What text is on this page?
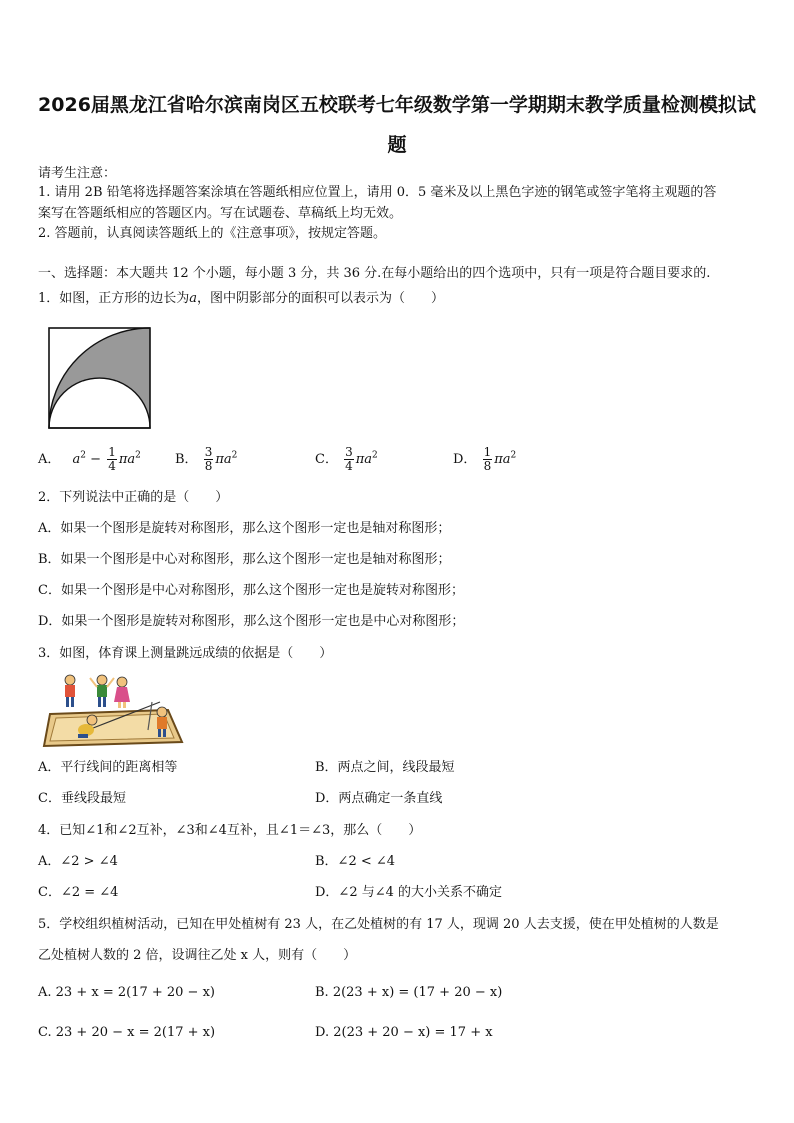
2026届黑龙江省哈尔滨南岗区五校联考七年级数学第一学期期末教学质量检测模拟试
题
请考生注意：
1. 请用 2B 铅笔将选择题答案涂填在答题纸相应位置上，请用 0．5 毫米及以上黑色字迹的钢笔或签字笔将主观题的答
案写在答题纸相应的答题区内。写在试题卷、草稿纸上均无效。
2. 答题前，认真阅读答题纸上的《注意事项》，按规定答题。
一、选择题：本大题共 12 个小题，每小题 3 分，共 36 分.在每小题给出的四个选项中，只有一项是符合题目要求的.
1．如图，正方形的边长为a，图中阴影部分的面积可以表示为（　　）
A． $a^2 - \frac{1}{4} \pi a^2$	B． $\frac{3}{8} \pi a^2$	C． $\frac{3}{4} \pi a^2$	D． $\frac{1}{8} \pi a^2$
2．下列说法中正确的是（　　）
A．如果一个图形是旋转对称图形，那么这个图形一定也是轴对称图形；
B．如果一个图形是中心对称图形，那么这个图形一定也是轴对称图形；
C．如果一个图形是中心对称图形，那么这个图形一定也是旋转对称图形；
D．如果一个图形是旋转对称图形，那么这个图形一定也是中心对称图形；
3．如图，体育课上测量跳远成绩的依据是（　　）
A．平行线间的距离相等	B．两点之间，线段最短
C．垂线段最短	D．两点确定一条直线
4．已知∠1和∠2互补，∠3和∠4互补，且∠1＝∠3，那么（　　）
A．∠2 > ∠4	B．∠2 < ∠4
C．∠2 = ∠4	D．∠2 与∠4 的大小关系不确定
5．学校组织植树活动，已知在甲处植树有 23 人，在乙处植树的有 17 人，现调 20 人去支援，使在甲处植树的人数是
乙处植树人数的 2 倍，设调往乙处 x 人，则有（　　）
A. 23 + x = 2(17 + 20 − x)	B. 2(23 + x) = (17 + 20 − x)
C. 23 + 20 − x = 2(17 + x)	D. 2(23 + 20 − x) = 17 + x
